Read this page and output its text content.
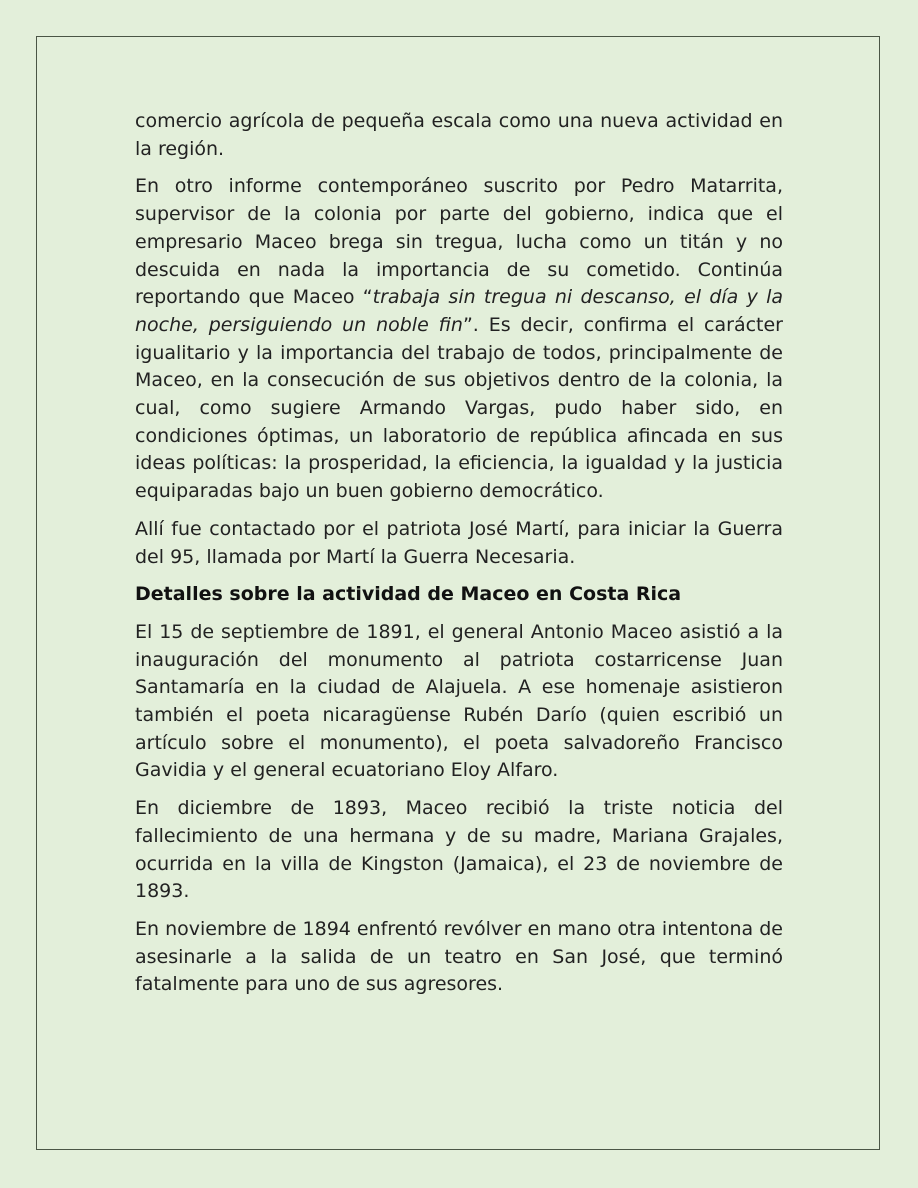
comercio agrícola de pequeña escala como una nueva actividad en la región.

En otro informe contemporáneo suscrito por Pedro Matarrita, supervisor de la colonia por parte del gobierno, indica que el empresario Maceo brega sin tregua, lucha como un titán y no descuida en nada la importancia de su cometido. Continúa reportando que Maceo “trabaja sin tregua ni descanso, el día y la noche, persiguiendo un noble fin”. Es decir, confirma el carácter igualitario y la importancia del trabajo de todos, principalmente de Maceo, en la consecución de sus objetivos dentro de la colonia, la cual, como sugiere Armando Vargas, pudo haber sido, en condiciones óptimas, un laboratorio de república afincada en sus ideas políticas: la prosperidad, la eficiencia, la igualdad y la justicia equiparadas bajo un buen gobierno democrático.

Allí fue contactado por el patriota José Martí, para iniciar la Guerra del 95, llamada por Martí la Guerra Necesaria.

Detalles sobre la actividad de Maceo en Costa Rica

El 15 de septiembre de 1891, el general Antonio Maceo asistió a la inauguración del monumento al patriota costarricense Juan Santamaría en la ciudad de Alajuela. A ese homenaje asistieron también el poeta nicaragüense Rubén Darío (quien escribió un artículo sobre el monumento), el poeta salvadoreño Francisco Gavidia y el general ecuatoriano Eloy Alfaro.

En diciembre de 1893, Maceo recibió la triste noticia del fallecimiento de una hermana y de su madre, Mariana Grajales, ocurrida en la villa de Kingston (Jamaica), el 23 de noviembre de 1893.

En noviembre de 1894 enfrentó revólver en mano otra intentona de asesinarle a la salida de un teatro en San José, que terminó fatalmente para uno de sus agresores.
